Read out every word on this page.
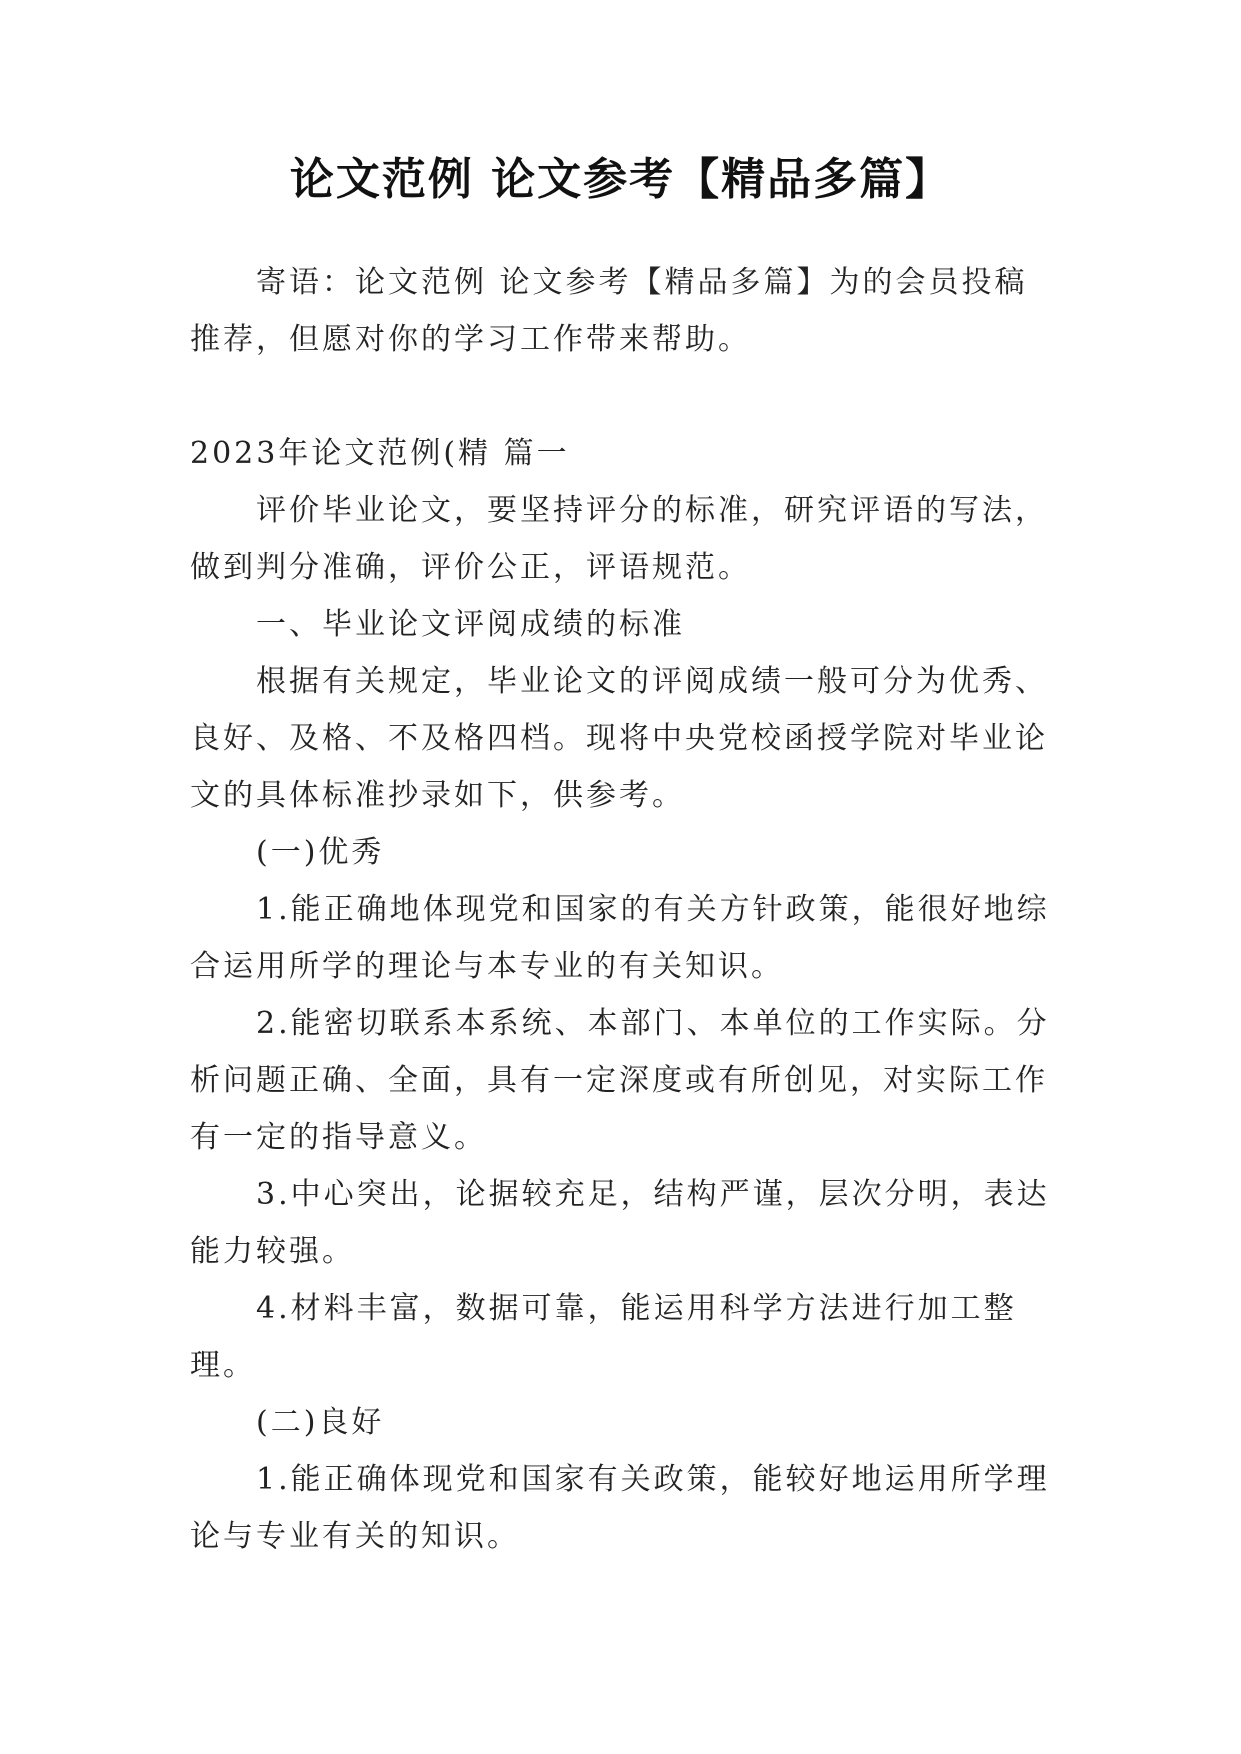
论文范例 论文参考【精品多篇】

寄语：论文范例 论文参考【精品多篇】为的会员投稿推荐，但愿对你的学习工作带来帮助。

2023年论文范例(精 篇一

评价毕业论文，要坚持评分的标准，研究评语的写法，做到判分准确，评价公正，评语规范。

一、毕业论文评阅成绩的标准

根据有关规定，毕业论文的评阅成绩一般可分为优秀、良好、及格、不及格四档。现将中央党校函授学院对毕业论文的具体标准抄录如下，供参考。

(一)优秀

1.能正确地体现党和国家的有关方针政策，能很好地综合运用所学的理论与本专业的有关知识。

2.能密切联系本系统、本部门、本单位的工作实际。分析问题正确、全面，具有一定深度或有所创见，对实际工作有一定的指导意义。

3.中心突出，论据较充足，结构严谨，层次分明，表达能力较强。

4.材料丰富，数据可靠，能运用科学方法进行加工整理。

(二)良好

1.能正确体现党和国家有关政策，能较好地运用所学理论与专业有关的知识。
